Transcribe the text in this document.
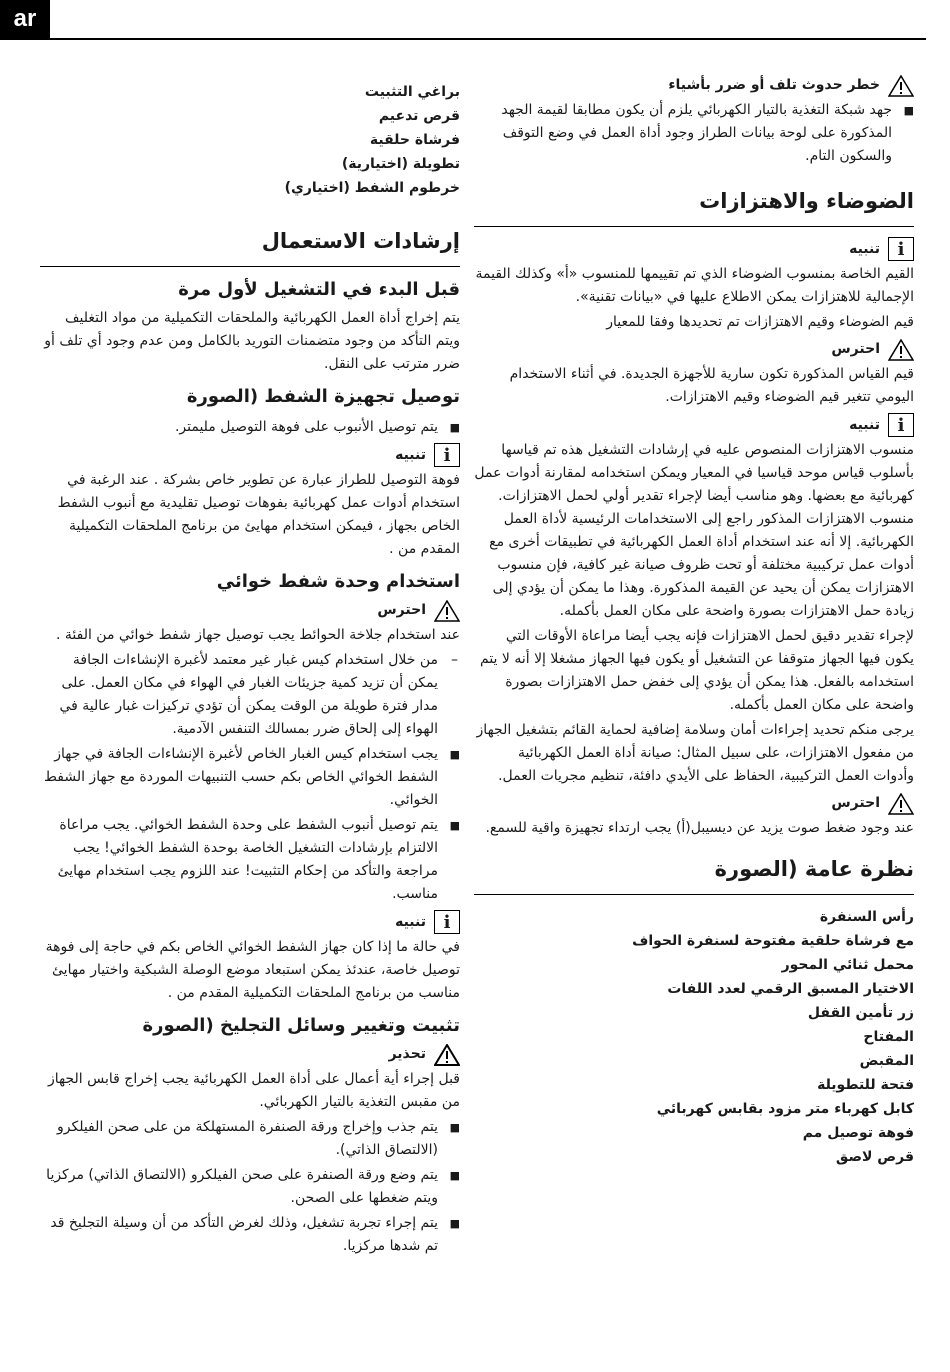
ar
خطر حدوث تلف أو ضرر بأشياء

■ جهد شبكة التغذية بالتيار الكهربائي يلزم أن يكون مطابقا لقيمة الجهد المذكورة على لوحة بيانات الطراز وجود أداة العمل في وضع التوقف والسكون التام.

الضوضاء والاهتزازات
i
تنبيه

القيم الخاصة بمنسوب الضوضاء الذي تم تقييمها للمنسوب «أ» وكذلك القيمة الإجمالية للاهتزازات يمكن الاطلاع عليها في «بيانات تقنية».

قيم الضوضاء وقيم الاهتزازات تم تحديدها وفقا للمعيار

احترس

قيم القياس المذكورة تكون سارية للأجهزة الجديدة. في أثناء الاستخدام اليومي تتغير قيم الضوضاء وقيم الاهتزازات.

i
تنبيه

منسوب الاهتزازات المنصوص عليه في إرشادات التشغيل هذه تم قياسها بأسلوب قياس موحد قياسيا في المعيار ويمكن استخدامه لمقارنة أدوات عمل كهربائية مع بعضها. وهو مناسب أيضا لإجراء تقدير أولي لحمل الاهتزازات. منسوب الاهتزازات المذكور راجع إلى الاستخدامات الرئيسية لأداة العمل الكهربائية. إلا أنه عند استخدام أداة العمل الكهربائية في تطبيقات أخرى مع أدوات عمل تركيبية مختلفة أو تحت ظروف صيانة غير كافية، فإن منسوب الاهتزازات يمكن أن يحيد عن القيمة المذكورة. وهذا ما يمكن أن يؤدي إلى زيادة حمل الاهتزازات بصورة واضحة على مكان العمل بأكمله.

لإجراء تقدير دقيق لحمل الاهتزازات فإنه يجب أيضا مراعاة الأوقات التي يكون فيها الجهاز متوقفا عن التشغيل أو يكون فيها الجهاز مشغلا إلا أنه لا يتم استخدامه بالفعل. هذا يمكن أن يؤدي إلى خفض حمل الاهتزازات بصورة واضحة على مكان العمل بأكمله.

يرجى منكم تحديد إجراءات أمان وسلامة إضافية لحماية القائم بتشغيل الجهاز من مفعول الاهتزازات، على سبيل المثال: صيانة أداة العمل الكهربائية وأدوات العمل التركيبية، الحفاظ على الأيدي دافئة، تنظيم مجريات العمل.

احترس

عند وجود ضغط صوت يزيد عن ديسيبل(أ) يجب ارتداء تجهيزة واقية للسمع.

نظرة عامة (الصورة
رأس السنفرة
مع فرشاة حلقية مفتوحة لسنفرة الحواف
محمل ثنائي المحور
الاختيار المسبق الرقمي لعدد اللفات
زر تأمين القفل
المفتاح
المقبض
فتحة للتطويلة
كابل كهرباء متر مزود بقابس كهربائي
فوهة توصيل مم
قرص لاصق
براغي التثبيت
قرص تدعيم
فرشاة حلقية
تطويلة (اختيارية)
خرطوم الشفط (اختياري)
إرشادات الاستعمال
قبل البدء في التشغيل لأول مرة

يتم إخراج أداة العمل الكهربائية والملحقات التكميلية من مواد التغليف ويتم التأكد من وجود متضمنات التوريد بالكامل ومن عدم وجود أي تلف أو ضرر مترتب على النقل.

توصيل تجهيزة الشفط (الصورة

■ يتم توصيل الأنبوب على فوهة التوصيل مليمتر.

i
تنبيه

فوهة التوصيل للطراز عبارة عن تطوير خاص بشركة . عند الرغبة في استخدام أدوات عمل كهربائية بفوهات توصيل تقليدية مع أنبوب الشفط الخاص بجهاز ، فيمكن استخدام مهايئ من برنامج الملحقات التكميلية المقدم من .

استخدام وحدة شفط خوائي
احترس

عند استخدام جلاخة الحوائط يجب توصيل جهاز شفط خوائي من الفئة .

– من خلال استخدام كيس غبار غير معتمد لأغبرة الإنشاءات الجافة يمكن أن تزيد كمية جزيئات الغبار في الهواء في مكان العمل. على مدار فترة طويلة من الوقت يمكن أن تؤدي تركيزات غبار عالية في الهواء إلى إلحاق ضرر بمسالك التنفس الآدمية.

■ يجب استخدام كيس الغبار الخاص لأغبرة الإنشاءات الجافة في جهاز الشفط الخوائي الخاص بكم حسب التنبيهات الموردة مع جهاز الشفط الخوائي.

■ يتم توصيل أنبوب الشفط على وحدة الشفط الخوائي. يجب مراعاة الالتزام بإرشادات التشغيل الخاصة بوحدة الشفط الخوائي! يجب مراجعة والتأكد من إحكام التثبيت! عند اللزوم يجب استخدام مهايئ مناسب.

i
تنبيه

في حالة ما إذا كان جهاز الشفط الخوائي الخاص بكم في حاجة إلى فوهة توصيل خاصة، عندئذ يمكن استبعاد موضع الوصلة الشبكية واختيار مهايئ مناسب من برنامج الملحقات التكميلية المقدم من .

تثبيت وتغيير وسائل التجليخ (الصورة
تحذير

قبل إجراء أية أعمال على أداة العمل الكهربائية يجب إخراج قابس الجهاز من مقبس التغذية بالتيار الكهربائي.

■ يتم جذب وإخراج ورقة الصنفرة المستهلكة من على صحن الفيلكرو (الالتصاق الذاتي).

■ يتم وضع ورقة الصنفرة على صحن الفيلكرو (الالتصاق الذاتي) مركزيا ويتم ضغطها على الصحن.

■ يتم إجراء تجربة تشغيل، وذلك لغرض التأكد من أن وسيلة التجليخ قد تم شدها مركزيا.
